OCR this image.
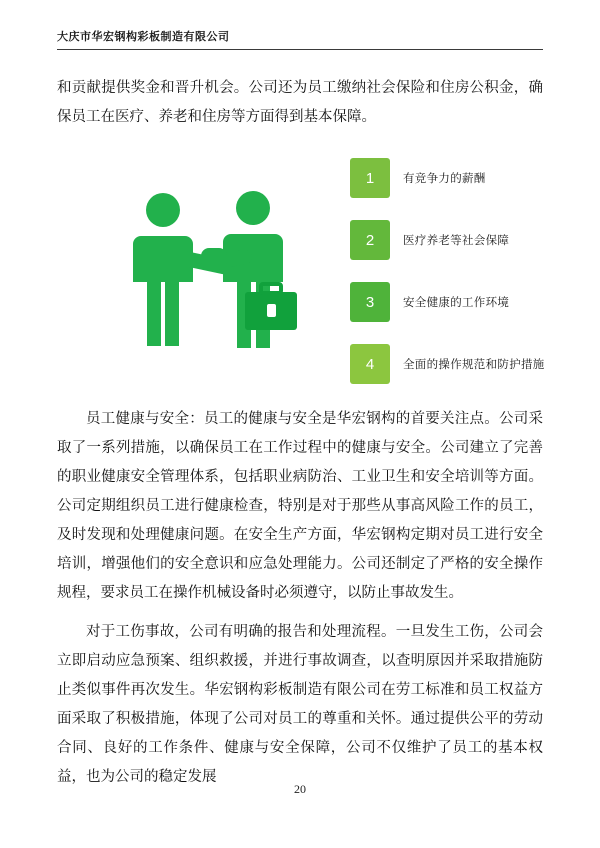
大庆市华宏钢构彩板制造有限公司

和贡献提供奖金和晋升机会。公司还为员工缴纳社会保险和住房公积金，确保员工在医疗、养老和住房等方面得到基本保障。

1	有竞争力的薪酬
2	医疗养老等社会保障
3	安全健康的工作环境
4	全面的操作规范和防护措施

员工健康与安全：员工的健康与安全是华宏钢构的首要关注点。公司采取了一系列措施，以确保员工在工作过程中的健康与安全。公司建立了完善的职业健康安全管理体系，包括职业病防治、工业卫生和安全培训等方面。公司定期组织员工进行健康检查，特别是对于那些从事高风险工作的员工，及时发现和处理健康问题。在安全生产方面，华宏钢构定期对员工进行安全培训，增强他们的安全意识和应急处理能力。公司还制定了严格的安全操作规程，要求员工在操作机械设备时必须遵守，以防止事故发生。

对于工伤事故，公司有明确的报告和处理流程。一旦发生工伤，公司会立即启动应急预案、组织救援，并进行事故调查，以查明原因并采取措施防止类似事件再次发生。华宏钢构彩板制造有限公司在劳工标准和员工权益方面采取了积极措施，体现了公司对员工的尊重和关怀。通过提供公平的劳动合同、良好的工作条件、健康与安全保障，公司不仅维护了员工的基本权益，也为公司的稳定发展

20
